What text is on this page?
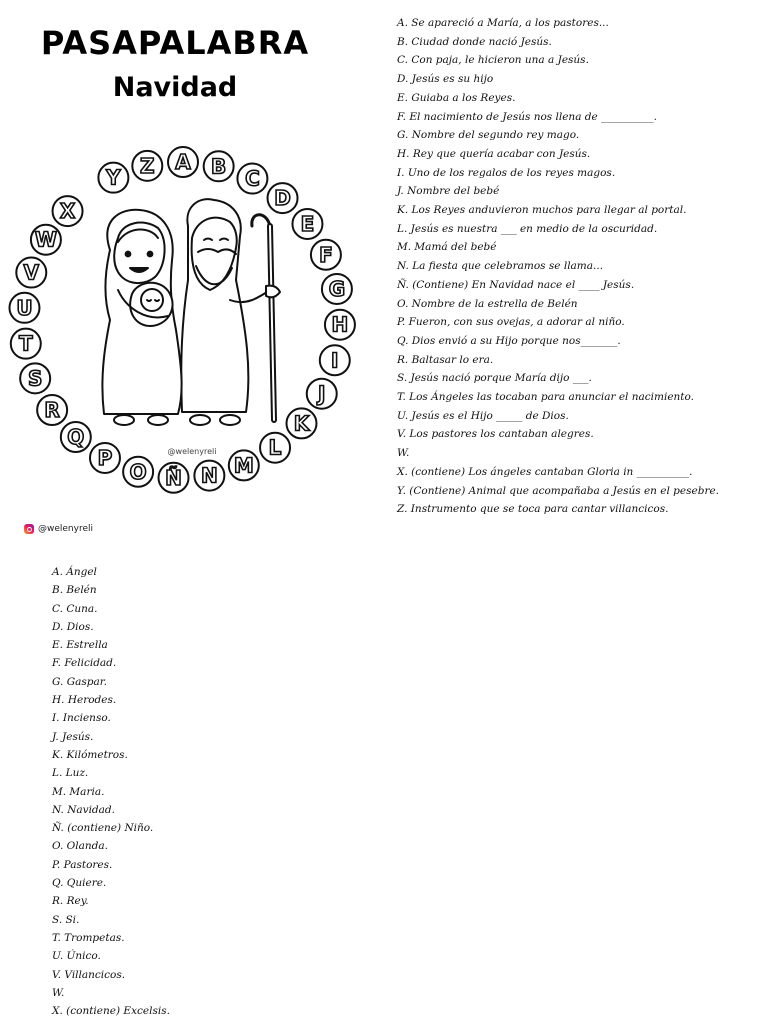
PASAPALABRA
Navidad
@welenyreli
Y Z A B
C
D
E
F
G
H
I
J
K
L
M
N
Ñ
O
P
Q
R
S
T
U
V
W
X
@welenyreli
A. Se apareció a María, a los pastores...
B. Ciudad donde nació Jesús.
C. Con paja, le hicieron una a Jesús.
D. Jesús es su hijo
E. Guiaba a los Reyes.
F. El nacimiento de Jesús nos llena de __________.
G. Nombre del segundo rey mago.
H. Rey que quería acabar con Jesús.
I. Uno de los regalos de los reyes magos.
J. Nombre del bebé
K. Los Reyes anduvieron muchos para llegar al portal.
L. Jesús es nuestra ___ en medio de la oscuridad.
M. Mamá del bebé
N. La fiesta que celebramos se llama...
Ñ. (Contiene) En Navidad nace el ____ Jesús.
O. Nombre de la estrella de Belén
P. Fueron, con sus ovejas, a adorar al niño.
Q. Dios envió a su Hijo porque nos_______.
R. Baltasar lo era.
S. Jesús nació porque María dijo ___.
T. Los Ángeles las tocaban para anunciar el nacimiento.
U. Jesús es el Hijo _____ de Dios.
V. Los pastores los cantaban alegres.
W.
X. (contiene) Los ángeles cantaban Gloria in __________.
Y. (Contiene) Animal que acompañaba a Jesús en el pesebre.
Z. Instrumento que se toca para cantar villancicos.
A. Ángel
B. Belén
C. Cuna.
D. Dios.
E. Estrella
F. Felicidad.
G. Gaspar.
H. Herodes.
I. Incienso.
J. Jesús.
K. Kilómetros.
L. Luz.
M. Maria.
N. Navidad.
Ñ. (contiene) Niño.
O. Olanda.
P. Pastores.
Q. Quiere.
R. Rey.
S. Si.
T. Trompetas.
U. Único.
V. Villancicos.
W.
X. (contiene) Excelsis.
